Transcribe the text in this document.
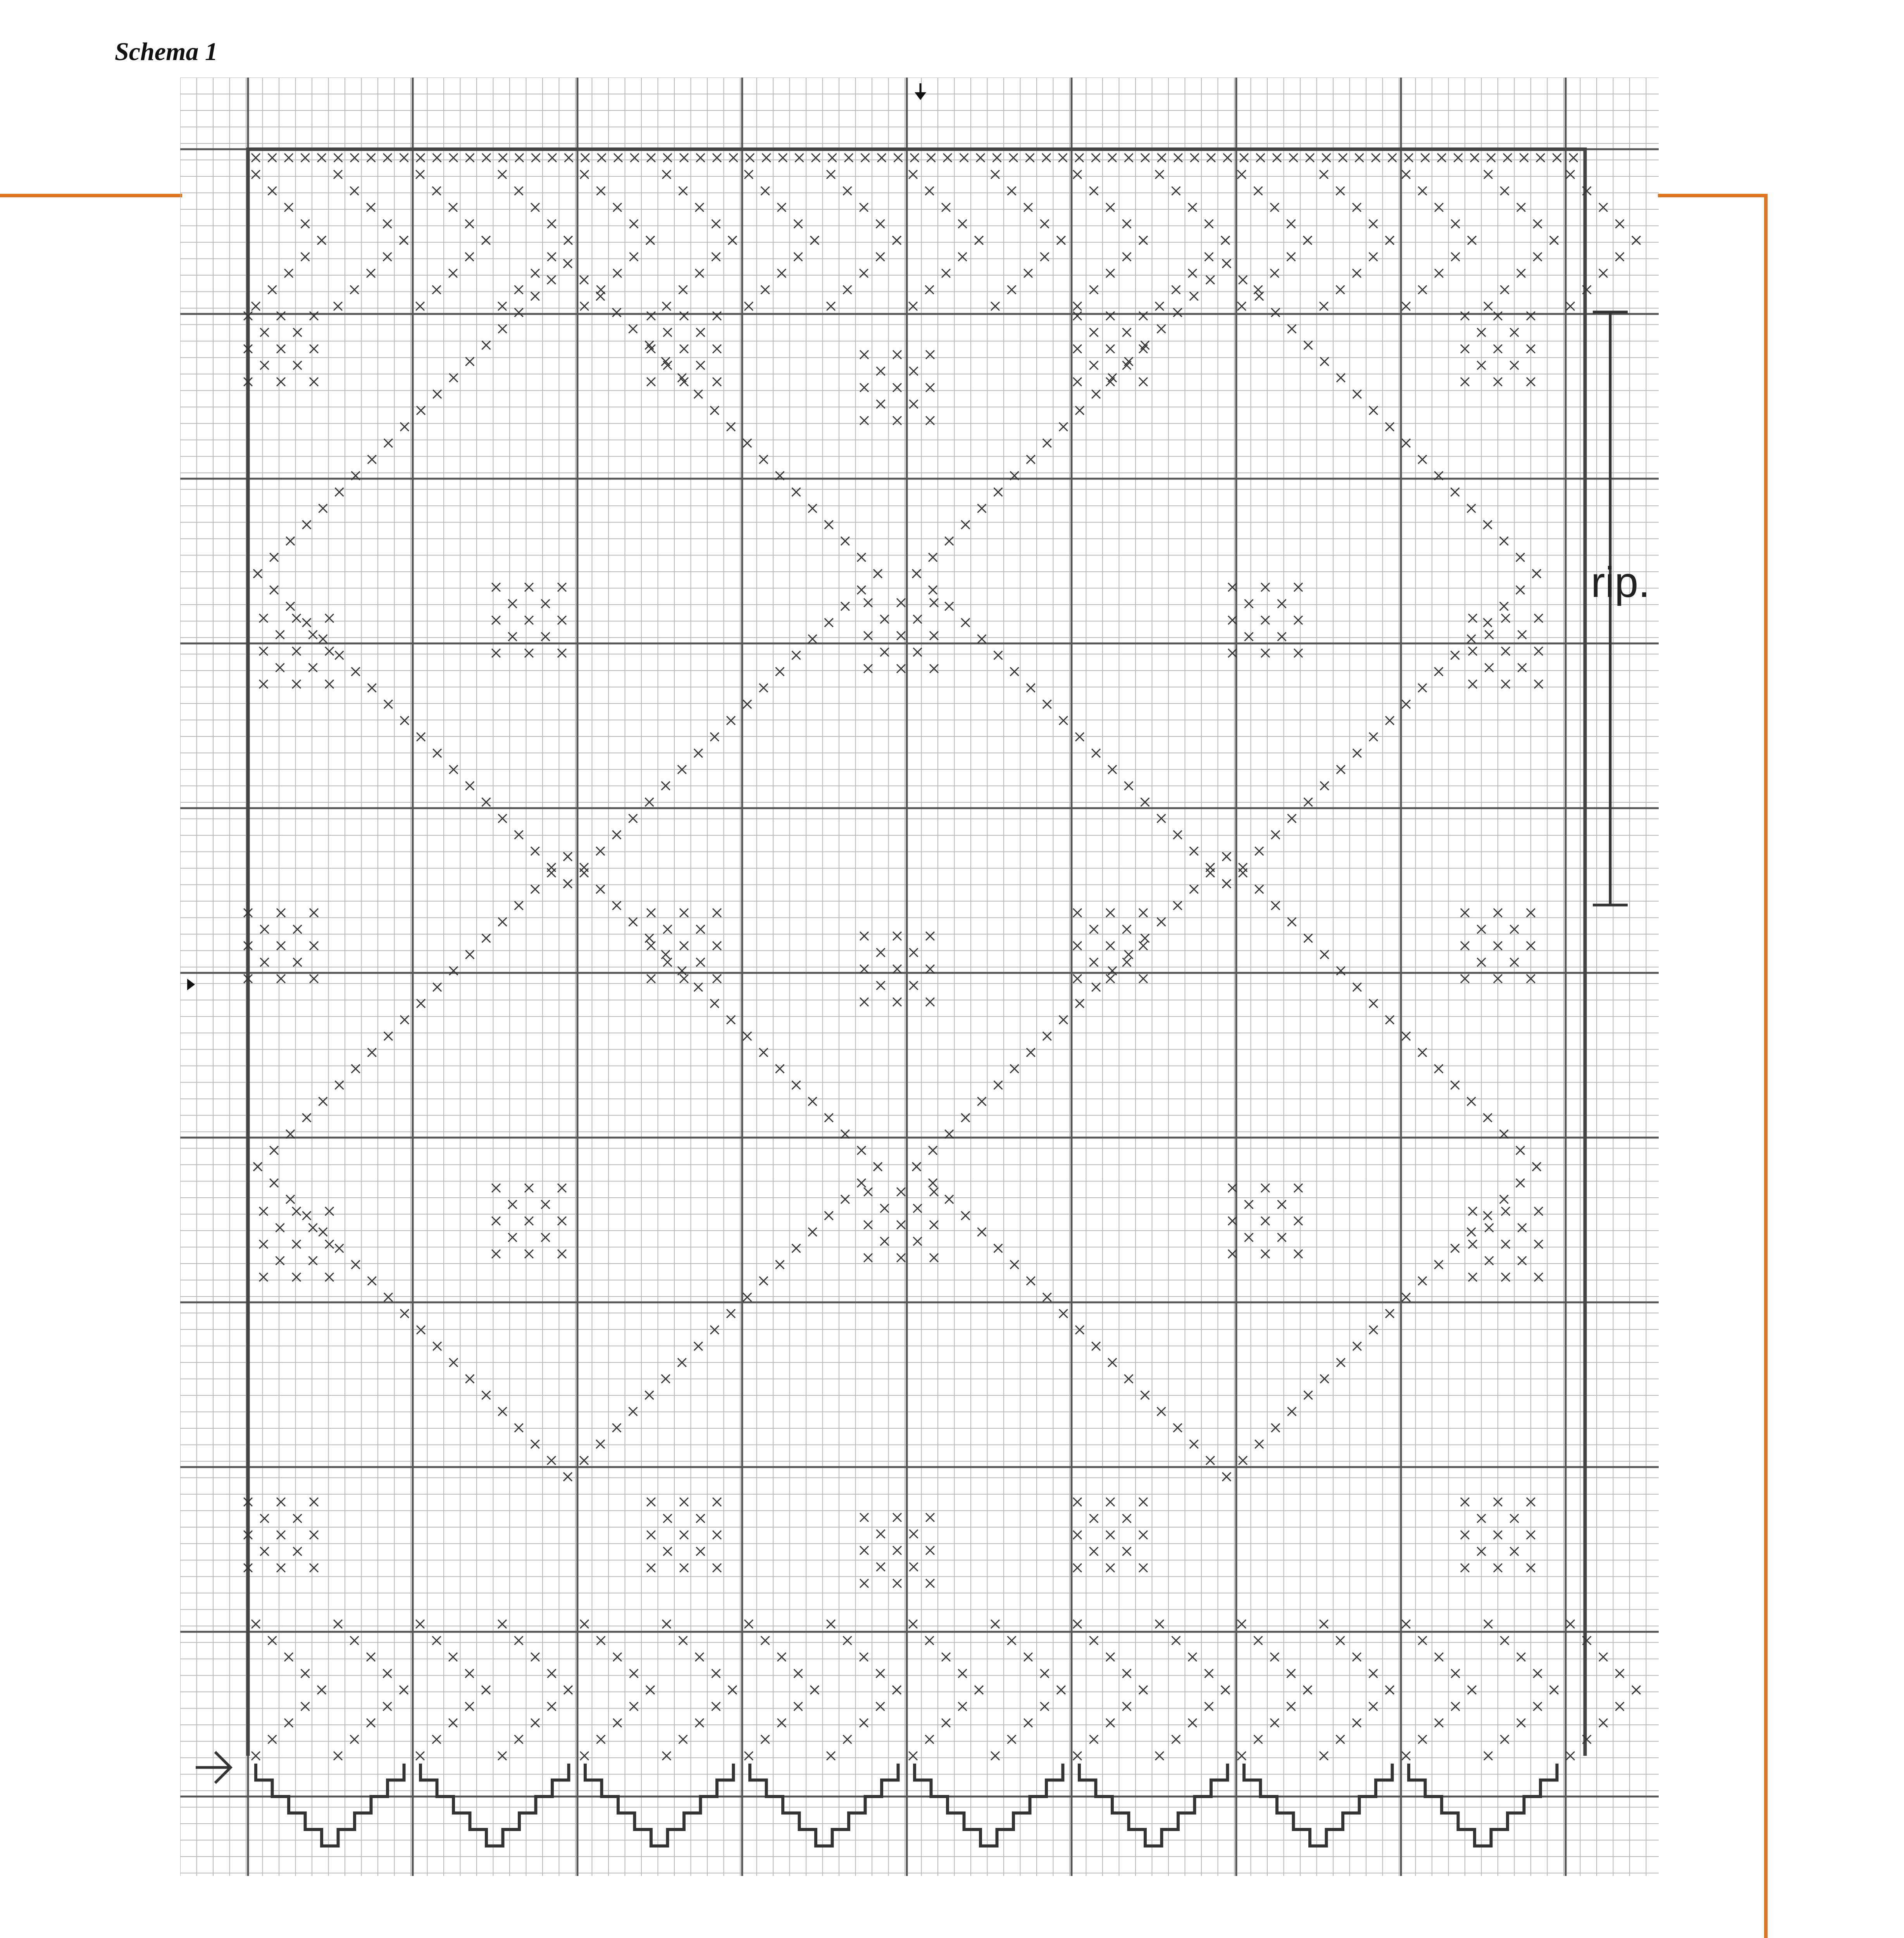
Schema 1
rip.
